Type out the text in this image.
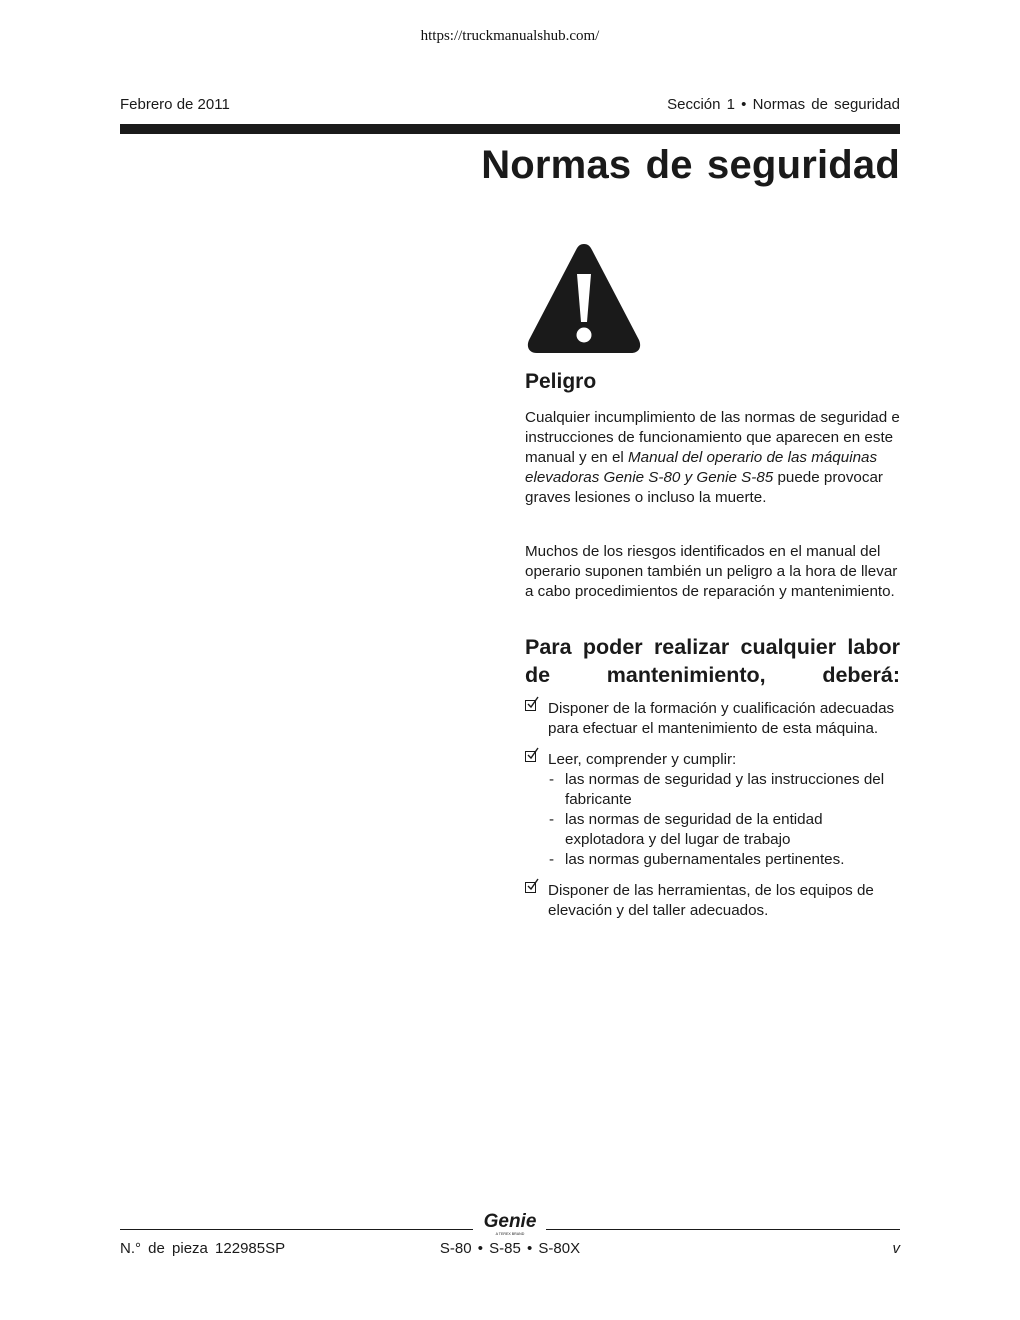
https://truckmanualshub.com/
Febrero de 2011	Sección 1 • Normas de seguridad
Normas de seguridad
Peligro

Cualquier incumplimiento de las normas de seguridad e instrucciones de funcionamiento que aparecen en este manual y en el Manual del operario de las máquinas elevadoras Genie S-80 y Genie S-85 puede provocar graves lesiones o incluso la muerte.

Muchos de los riesgos identificados en el manual del operario suponen también un peligro a la hora de llevar a cabo procedimientos de reparación y mantenimiento.

Para poder realizar cualquier labor de mantenimiento, deberá:
Disponer de la formación y cualificación adecuadas para efectuar el mantenimiento de esta máquina.
Leer, comprender y cumplir:
- las normas de seguridad y las instrucciones del fabricante
- las normas de seguridad de la entidad explotadora y del lugar de trabajo
- las normas gubernamentales pertinentes.
Disponer de las herramientas, de los equipos de elevación y del taller adecuados.
Genie
A TEREX BRAND
N.° de pieza 122985SP	S-80 • S-85 • S-80X	v
